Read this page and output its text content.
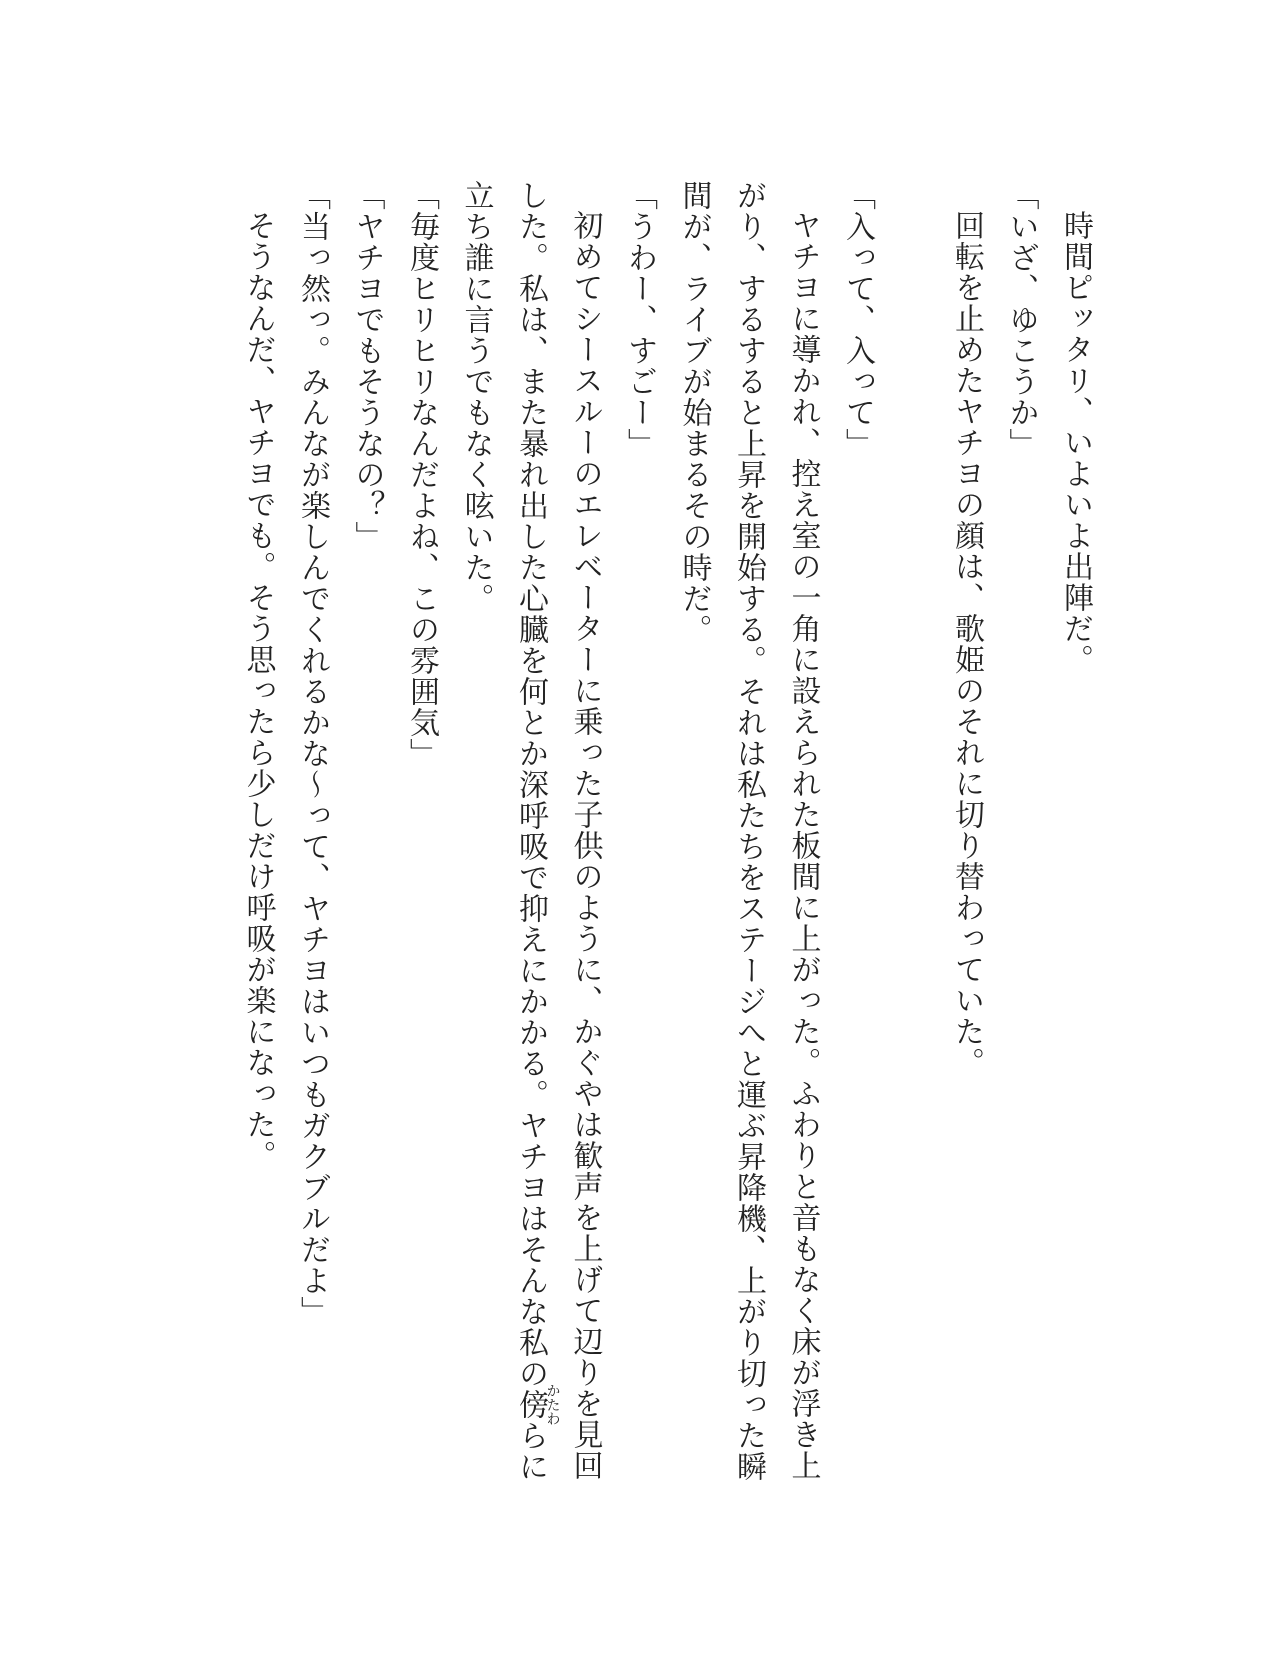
時間ピッタリ、いよいよ出陣だ。

「いざ、ゆこうか」

回転を止めたヤチヨの顔は、歌姫のそれに切り替わっていた。

「入って、入って」

ヤチヨに導かれ、控え室の一角に設えられた板間に上がった。ふわりと音もなく床が浮き上がり、するすると上昇を開始する。それは私たちをステージへと運ぶ昇降機、上がり切った瞬間が、ライブが始まるその時だ。

「うわー、すごー」

初めてシースルーのエレベーターに乗った子供のように、かぐやは歓声を上げて辺りを見回した。私は、また暴れ出した心臓を何とか深呼吸で抑えにかかる。ヤチヨはそんな私の傍かたわらに立ち誰に言うでもなく呟いた。

「毎度ヒリヒリなんだよね、この雰囲気」

「ヤチヨでもそうなの？」

「当っ然っ。みんなが楽しんでくれるかな〜って、ヤチヨはいつもガクブルだよ」

そうなんだ、ヤチヨでも。そう思ったら少しだけ呼吸が楽になった。
